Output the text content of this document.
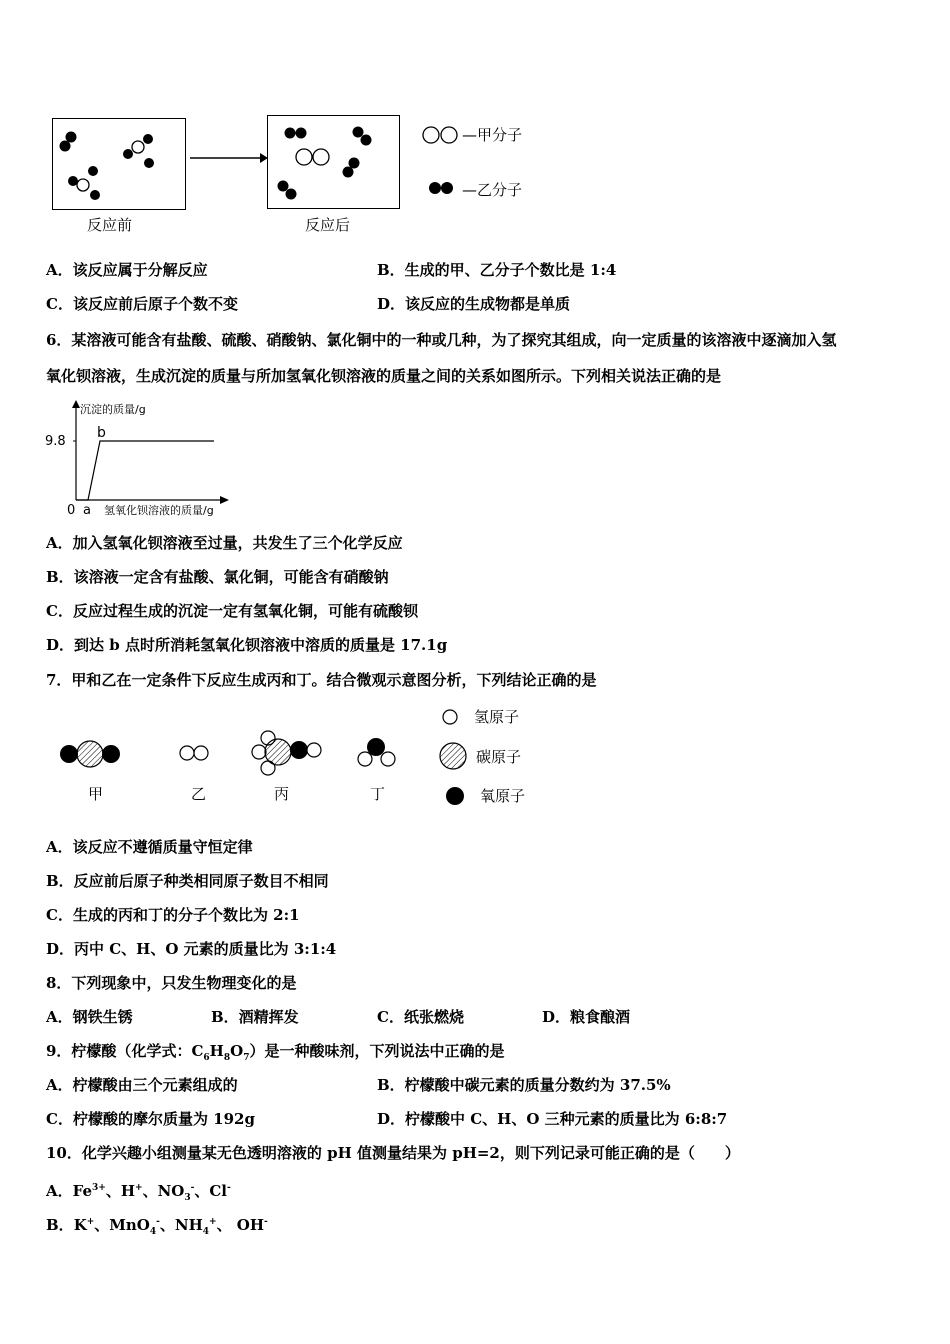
反应前	反应后
—甲分子
—乙分子
A．该反应属于分解反应	B．生成的甲、乙分子个数比是 1:4
C．该反应前后原子个数不变	D．该反应的生成物都是单质
6．某溶液可能含有盐酸、硫酸、硝酸钠、氯化铜中的一种或几种，为了探究其组成，向一定质量的该溶液中逐滴加入氢
氧化钡溶液，生成沉淀的质量与所加氢氧化钡溶液的质量之间的关系如图所示。下列相关说法正确的是
沉淀的质量/g
9.8
0 a
b
氢氧化钡溶液的质量/g
A．加入氢氧化钡溶液至过量，共发生了三个化学反应
B．该溶液一定含有盐酸、氯化铜，可能含有硝酸钠
C．反应过程生成的沉淀一定有氢氧化铜，可能有硫酸钡
D．到达 b 点时所消耗氢氧化钡溶液中溶质的质量是 17.1g
7．甲和乙在一定条件下反应生成丙和丁。结合微观示意图分析，下列结论正确的是
氢原子
碳原子
氧原子
甲	乙	丙	丁
A．该反应不遵循质量守恒定律
B．反应前后原子种类相同原子数目不相同
C．生成的丙和丁的分子个数比为 2:1
D．丙中 C、H、O 元素的质量比为 3:1:4
8．下列现象中，只发生物理变化的是
A．钢铁生锈	B．酒精挥发	C．纸张燃烧	D．粮食酿酒
9．柠檬酸（化学式：$C_6H_8O_7$）是一种酸味剂，下列说法中正确的是
A．柠檬酸由三个元素组成的	B．柠檬酸中碳元素的质量分数约为 37.5%
C．柠檬酸的摩尔质量为 192g	D．柠檬酸中 C、H、O 三种元素的质量比为 6:8:7
10．化学兴趣小组测量某无色透明溶液的 pH 值测量结果为 pH=2，则下列记录可能正确的是（　　）
A．$Fe^{3+}$、H+、$NO_3^-$、Cl-
B．K+、MnO$_4$-、$NH_4^+$、 OH-
